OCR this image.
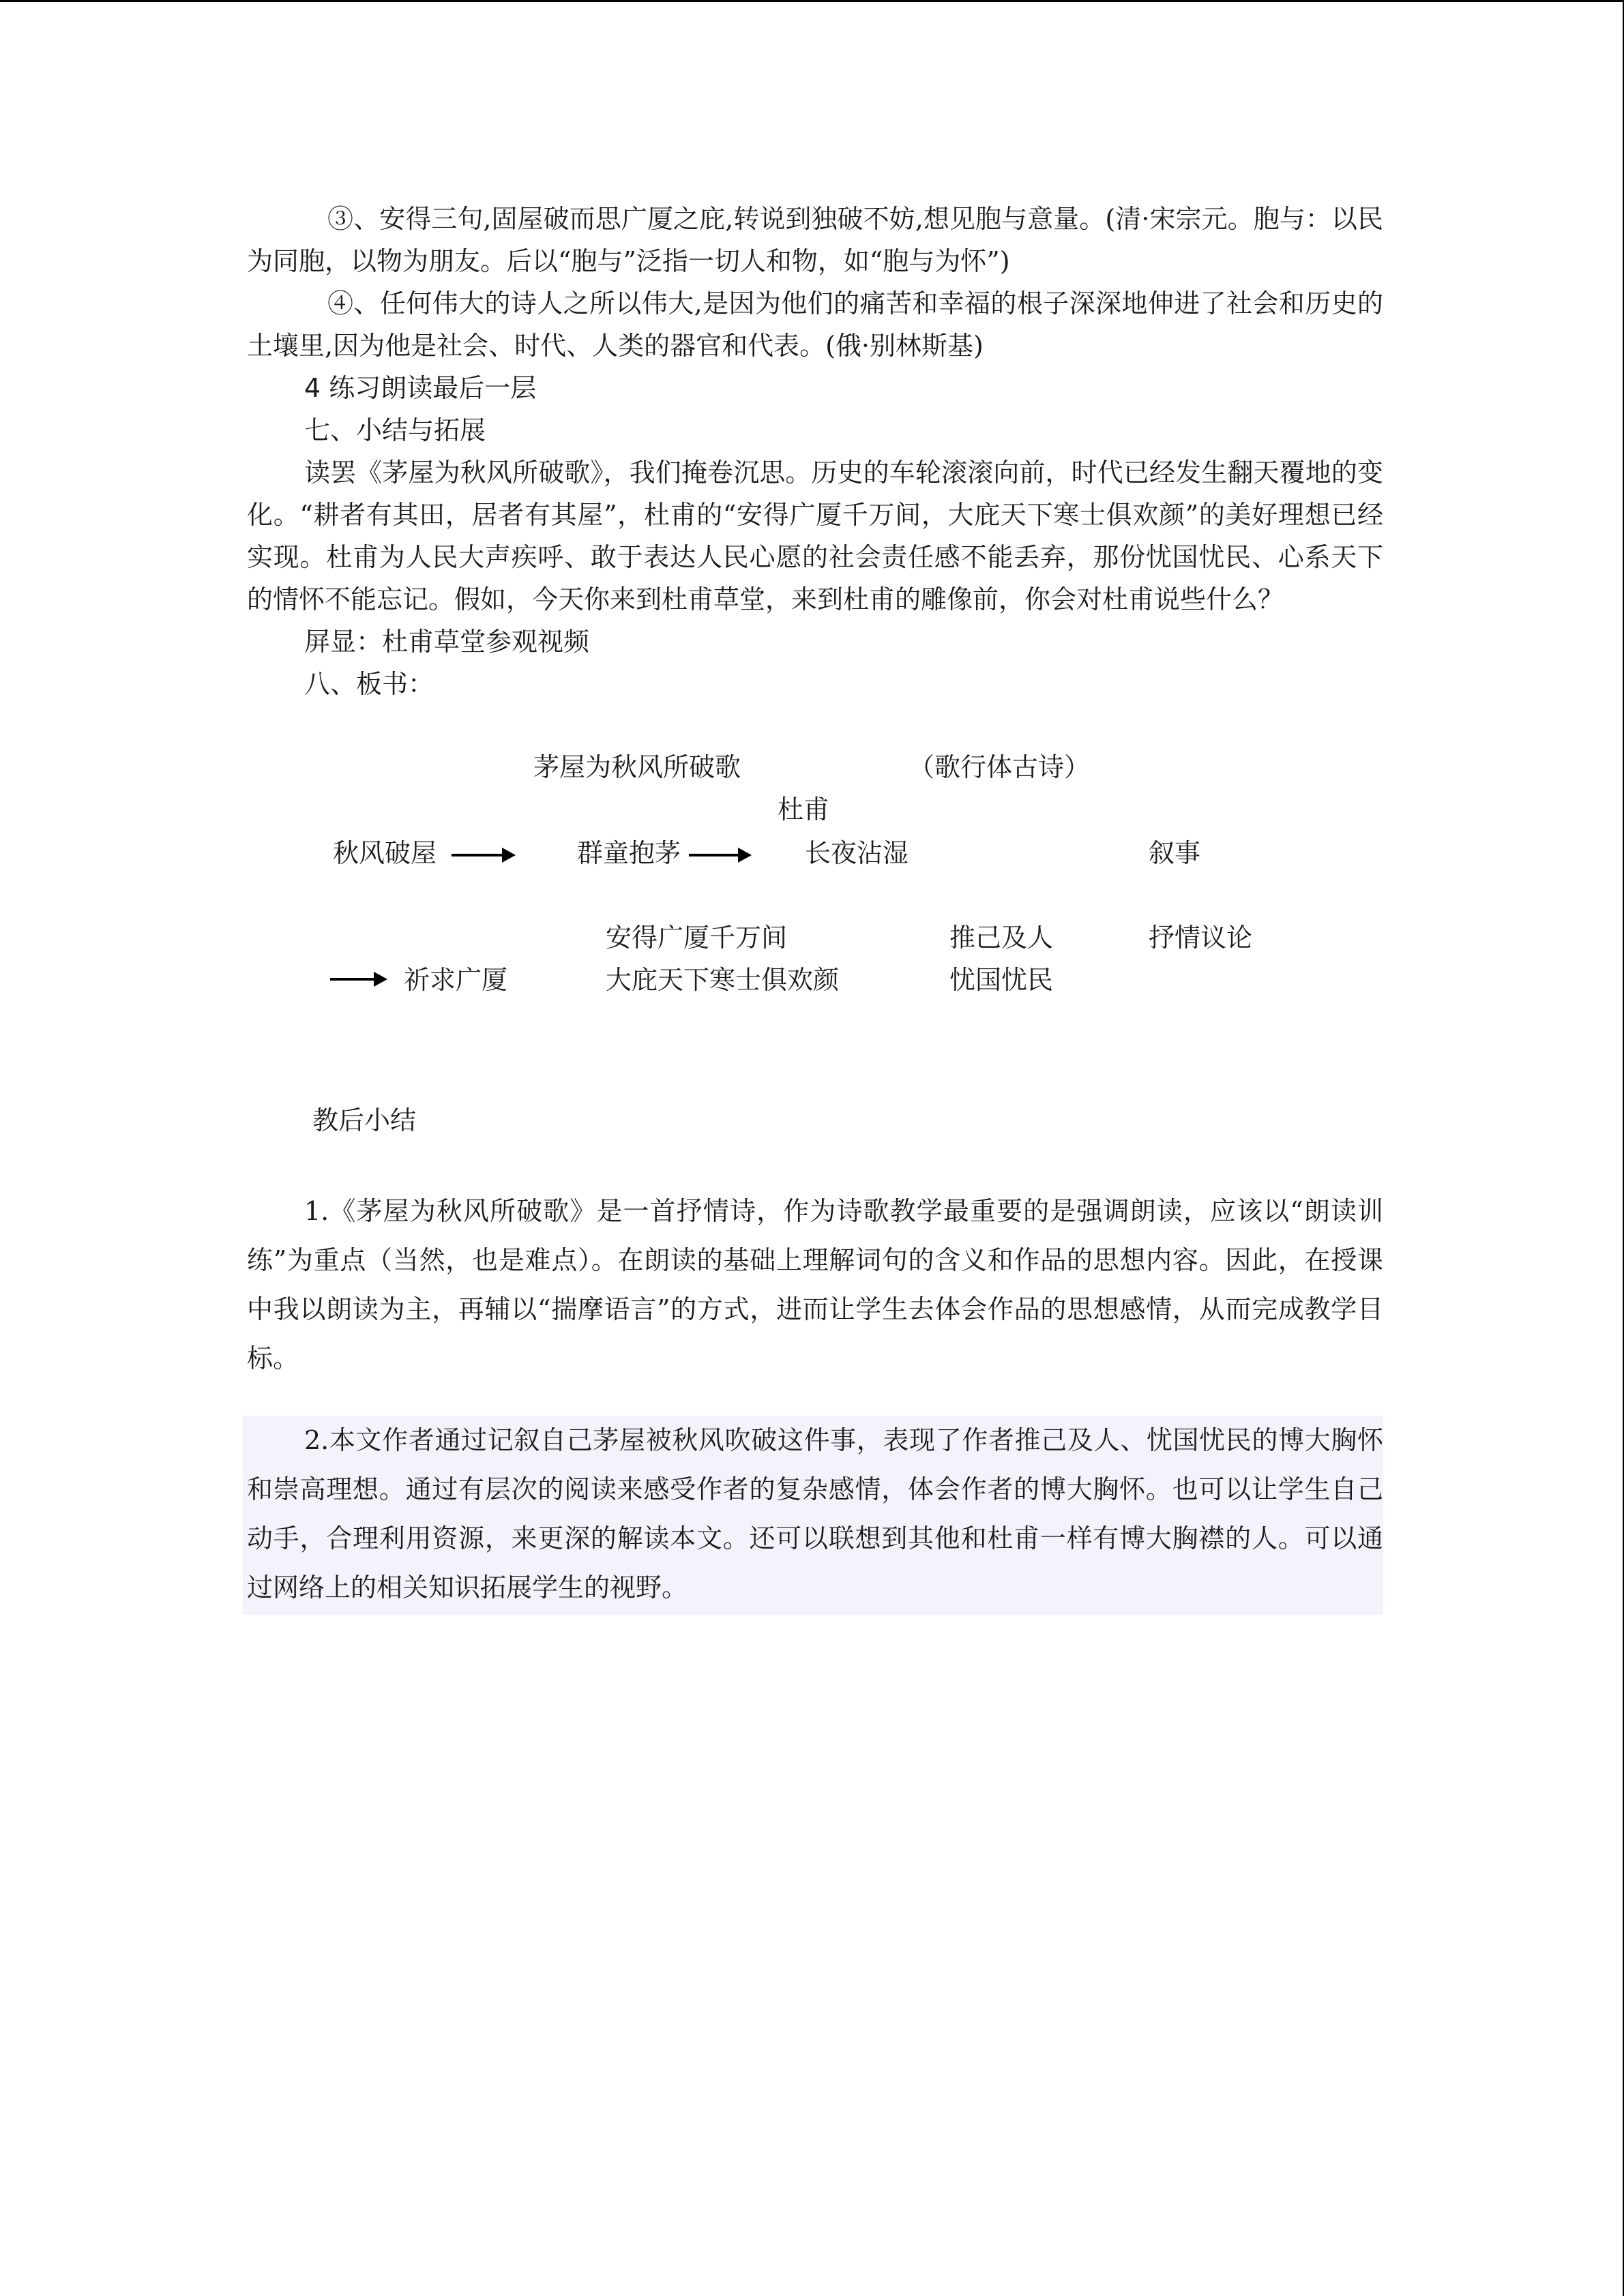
③、安得三句,固屋破而思广厦之庇,转说到独破不妨,想见胞与意量。(清·宋宗元。胞与：以民为同胞，以物为朋友。后以“胞与”泛指一切人和物，如“胞与为怀”)

④、任何伟大的诗人之所以伟大,是因为他们的痛苦和幸福的根子深深地伸进了社会和历史的土壤里,因为他是社会、时代、人类的器官和代表。(俄·别林斯基)

4 练习朗读最后一层

七、小结与拓展

读罢《茅屋为秋风所破歌》，我们掩卷沉思。历史的车轮滚滚向前，时代已经发生翻天覆地的变化。“耕者有其田，居者有其屋”，杜甫的“安得广厦千万间，大庇天下寒士俱欢颜”的美好理想已经实现。杜甫为人民大声疾呼、敢于表达人民心愿的社会责任感不能丢弃，那份忧国忧民、心系天下的情怀不能忘记。假如，今天你来到杜甫草堂，来到杜甫的雕像前，你会对杜甫说些什么？

屏显：杜甫草堂参观视频

八、板书：

茅屋为秋风所破歌	（歌行体古诗）
杜甫
秋风破屋	群童抱茅	长夜沾湿	叙事
安得广厦千万间	推己及人	抒情议论
祈求广厦	大庇天下寒士俱欢颜	忧国忧民
教后小结

1.《茅屋为秋风所破歌》是一首抒情诗，作为诗歌教学最重要的是强调朗读，应该以“朗读训练”为重点（当然，也是难点）。在朗读的基础上理解词句的含义和作品的思想内容。因此，在授课中我以朗读为主，再辅以“揣摩语言”的方式，进而让学生去体会作品的思想感情，从而完成教学目标。

2.本文作者通过记叙自己茅屋被秋风吹破这件事，表现了作者推己及人、忧国忧民的博大胸怀和崇高理想。通过有层次的阅读来感受作者的复杂感情，体会作者的博大胸怀。也可以让学生自己动手，合理利用资源，来更深的解读本文。还可以联想到其他和杜甫一样有博大胸襟的人。可以通过网络上的相关知识拓展学生的视野。
